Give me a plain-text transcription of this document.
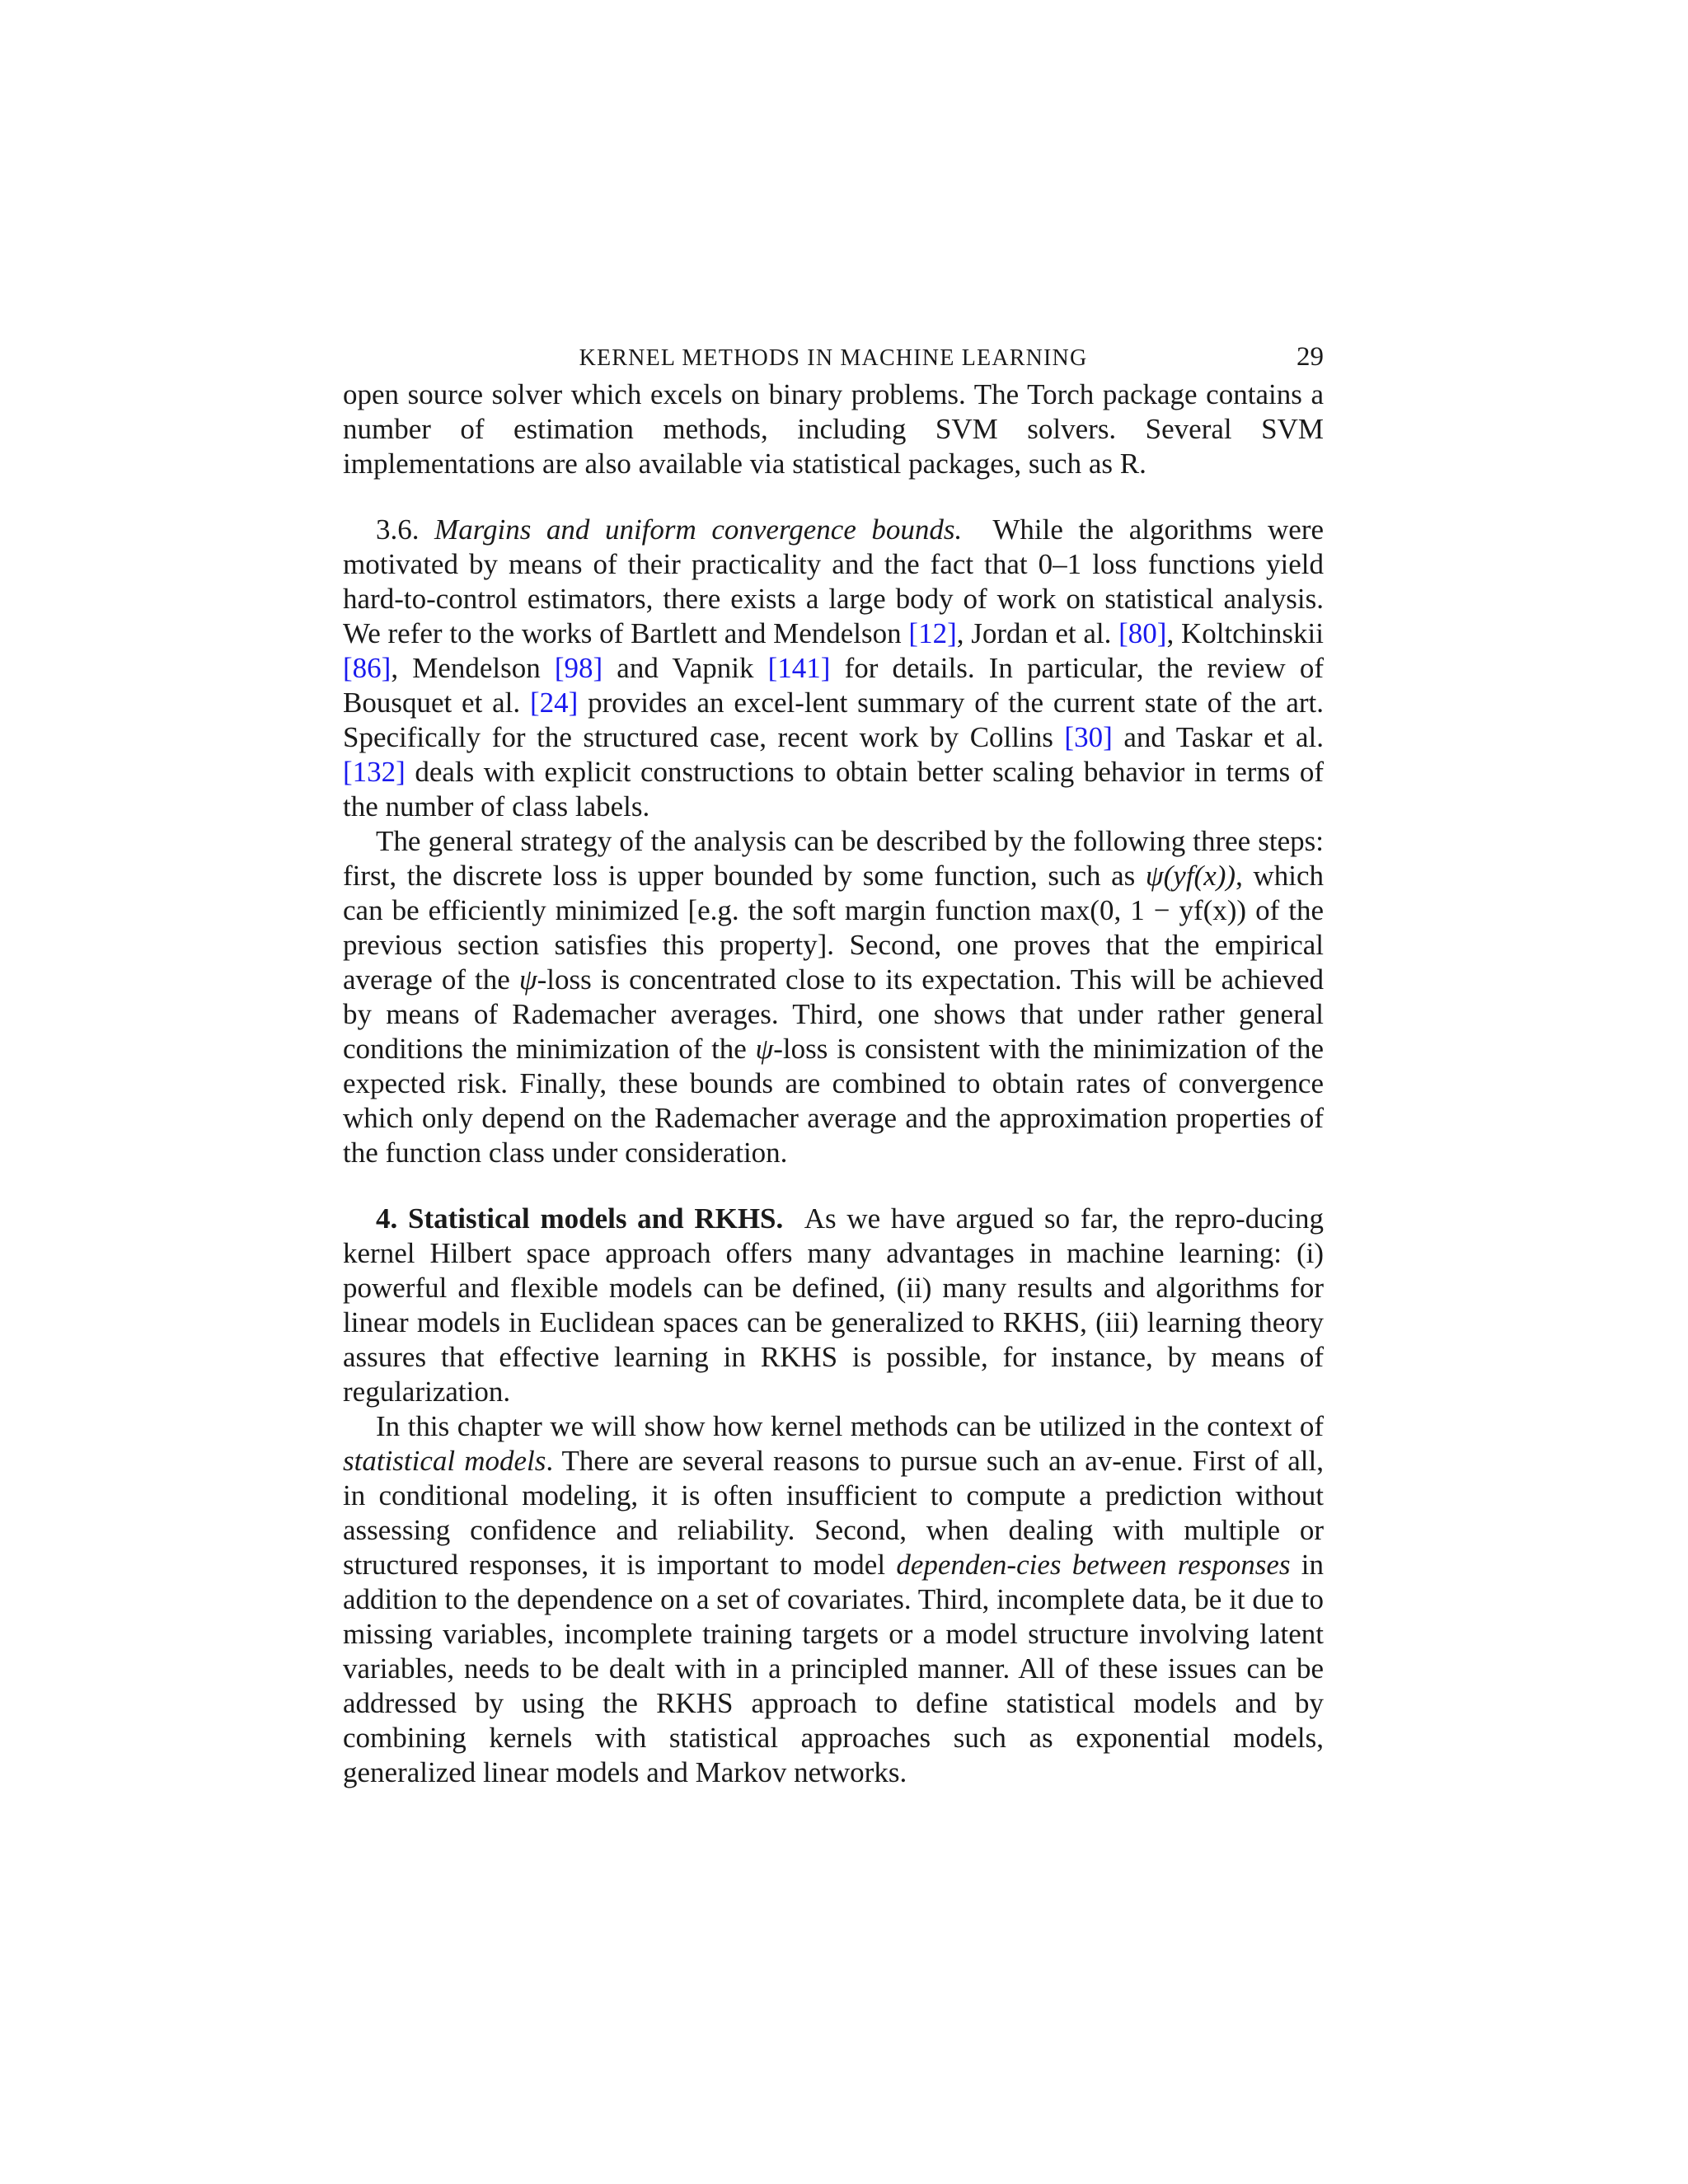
KERNEL METHODS IN MACHINE LEARNING	29

open source solver which excels on binary problems. The Torch package contains a number of estimation methods, including SVM solvers. Several SVM implementations are also available via statistical packages, such as R.

3.6. Margins and uniform convergence bounds. While the algorithms were motivated by means of their practicality and the fact that 0–1 loss functions yield hard-to-control estimators, there exists a large body of work on statistical analysis. We refer to the works of Bartlett and Mendelson [12], Jordan et al. [80], Koltchinskii [86], Mendelson [98] and Vapnik [141] for details. In particular, the review of Bousquet et al. [24] provides an excel-lent summary of the current state of the art. Specifically for the structured case, recent work by Collins [30] and Taskar et al. [132] deals with explicit constructions to obtain better scaling behavior in terms of the number of class labels.

The general strategy of the analysis can be described by the following three steps: first, the discrete loss is upper bounded by some function, such as ψ(yf(x)), which can be efficiently minimized [e.g. the soft margin function max(0, 1 − yf(x)) of the previous section satisfies this property]. Second, one proves that the empirical average of the ψ-loss is concentrated close to its expectation. This will be achieved by means of Rademacher averages. Third, one shows that under rather general conditions the minimization of the ψ-loss is consistent with the minimization of the expected risk. Finally, these bounds are combined to obtain rates of convergence which only depend on the Rademacher average and the approximation properties of the function class under consideration.

4. Statistical models and RKHS. As we have argued so far, the repro-ducing kernel Hilbert space approach offers many advantages in machine learning: (i) powerful and flexible models can be defined, (ii) many results and algorithms for linear models in Euclidean spaces can be generalized to RKHS, (iii) learning theory assures that effective learning in RKHS is possible, for instance, by means of regularization.

In this chapter we will show how kernel methods can be utilized in the context of statistical models. There are several reasons to pursue such an av-enue. First of all, in conditional modeling, it is often insufficient to compute a prediction without assessing confidence and reliability. Second, when dealing with multiple or structured responses, it is important to model dependen-cies between responses in addition to the dependence on a set of covariates. Third, incomplete data, be it due to missing variables, incomplete training targets or a model structure involving latent variables, needs to be dealt with in a principled manner. All of these issues can be addressed by using the RKHS approach to define statistical models and by combining kernels with statistical approaches such as exponential models, generalized linear models and Markov networks.
